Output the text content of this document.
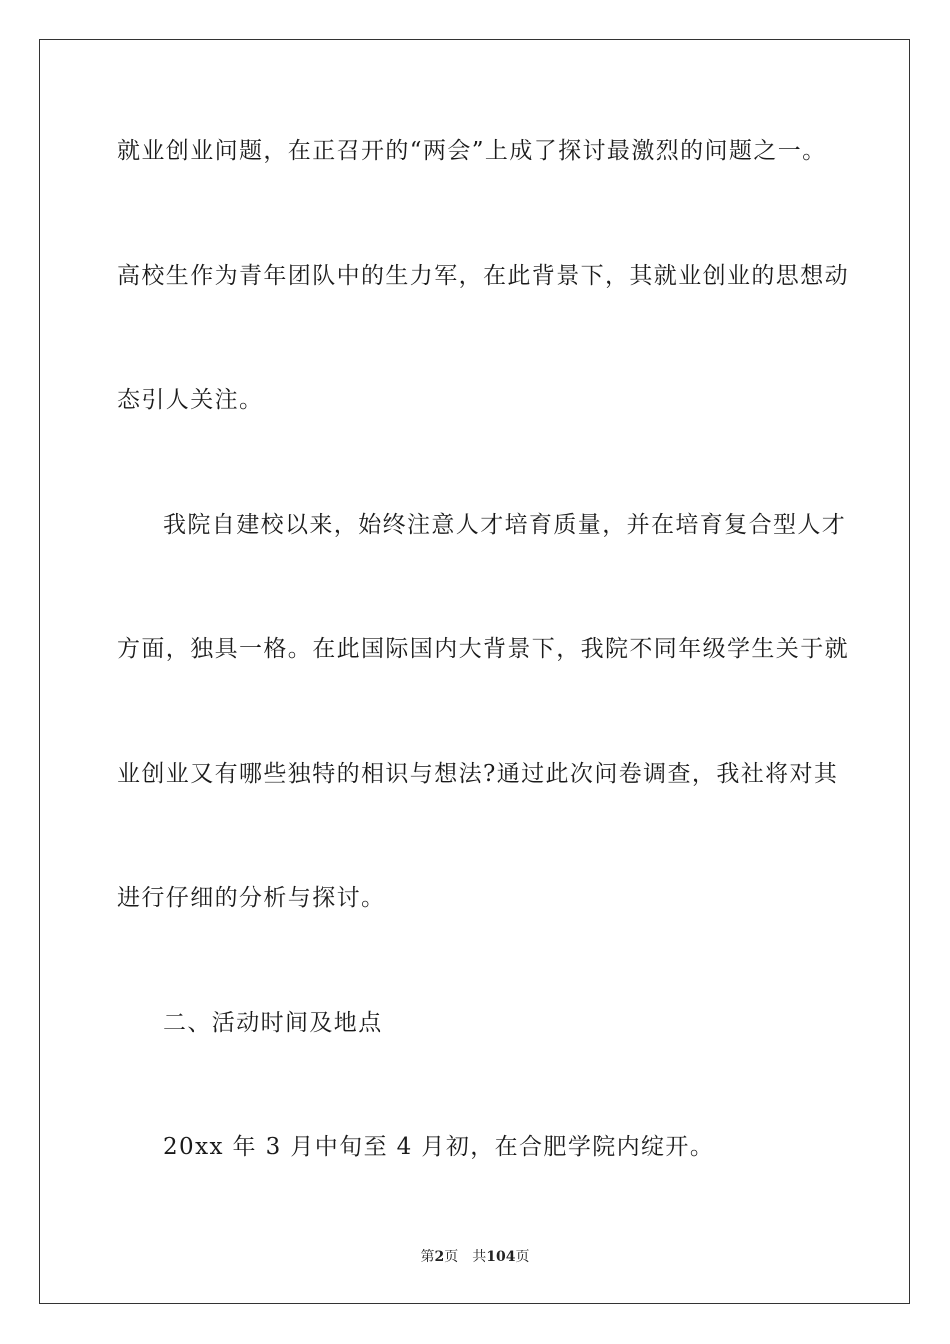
就业创业问题，在正召开的“两会”上成了探讨最激烈的问题之一。
高校生作为青年团队中的生力军，在此背景下，其就业创业的思想动
态引人关注。
我院自建校以来，始终注意人才培育质量，并在培育复合型人才
方面，独具一格。在此国际国内大背景下，我院不同年级学生关于就
业创业又有哪些独特的相识与想法?通过此次问卷调查，我社将对其
进行仔细的分析与探讨。
二、活动时间及地点
20xx 年 3 月中旬至 4 月初，在合肥学院内绽开。
第2页 共104页
